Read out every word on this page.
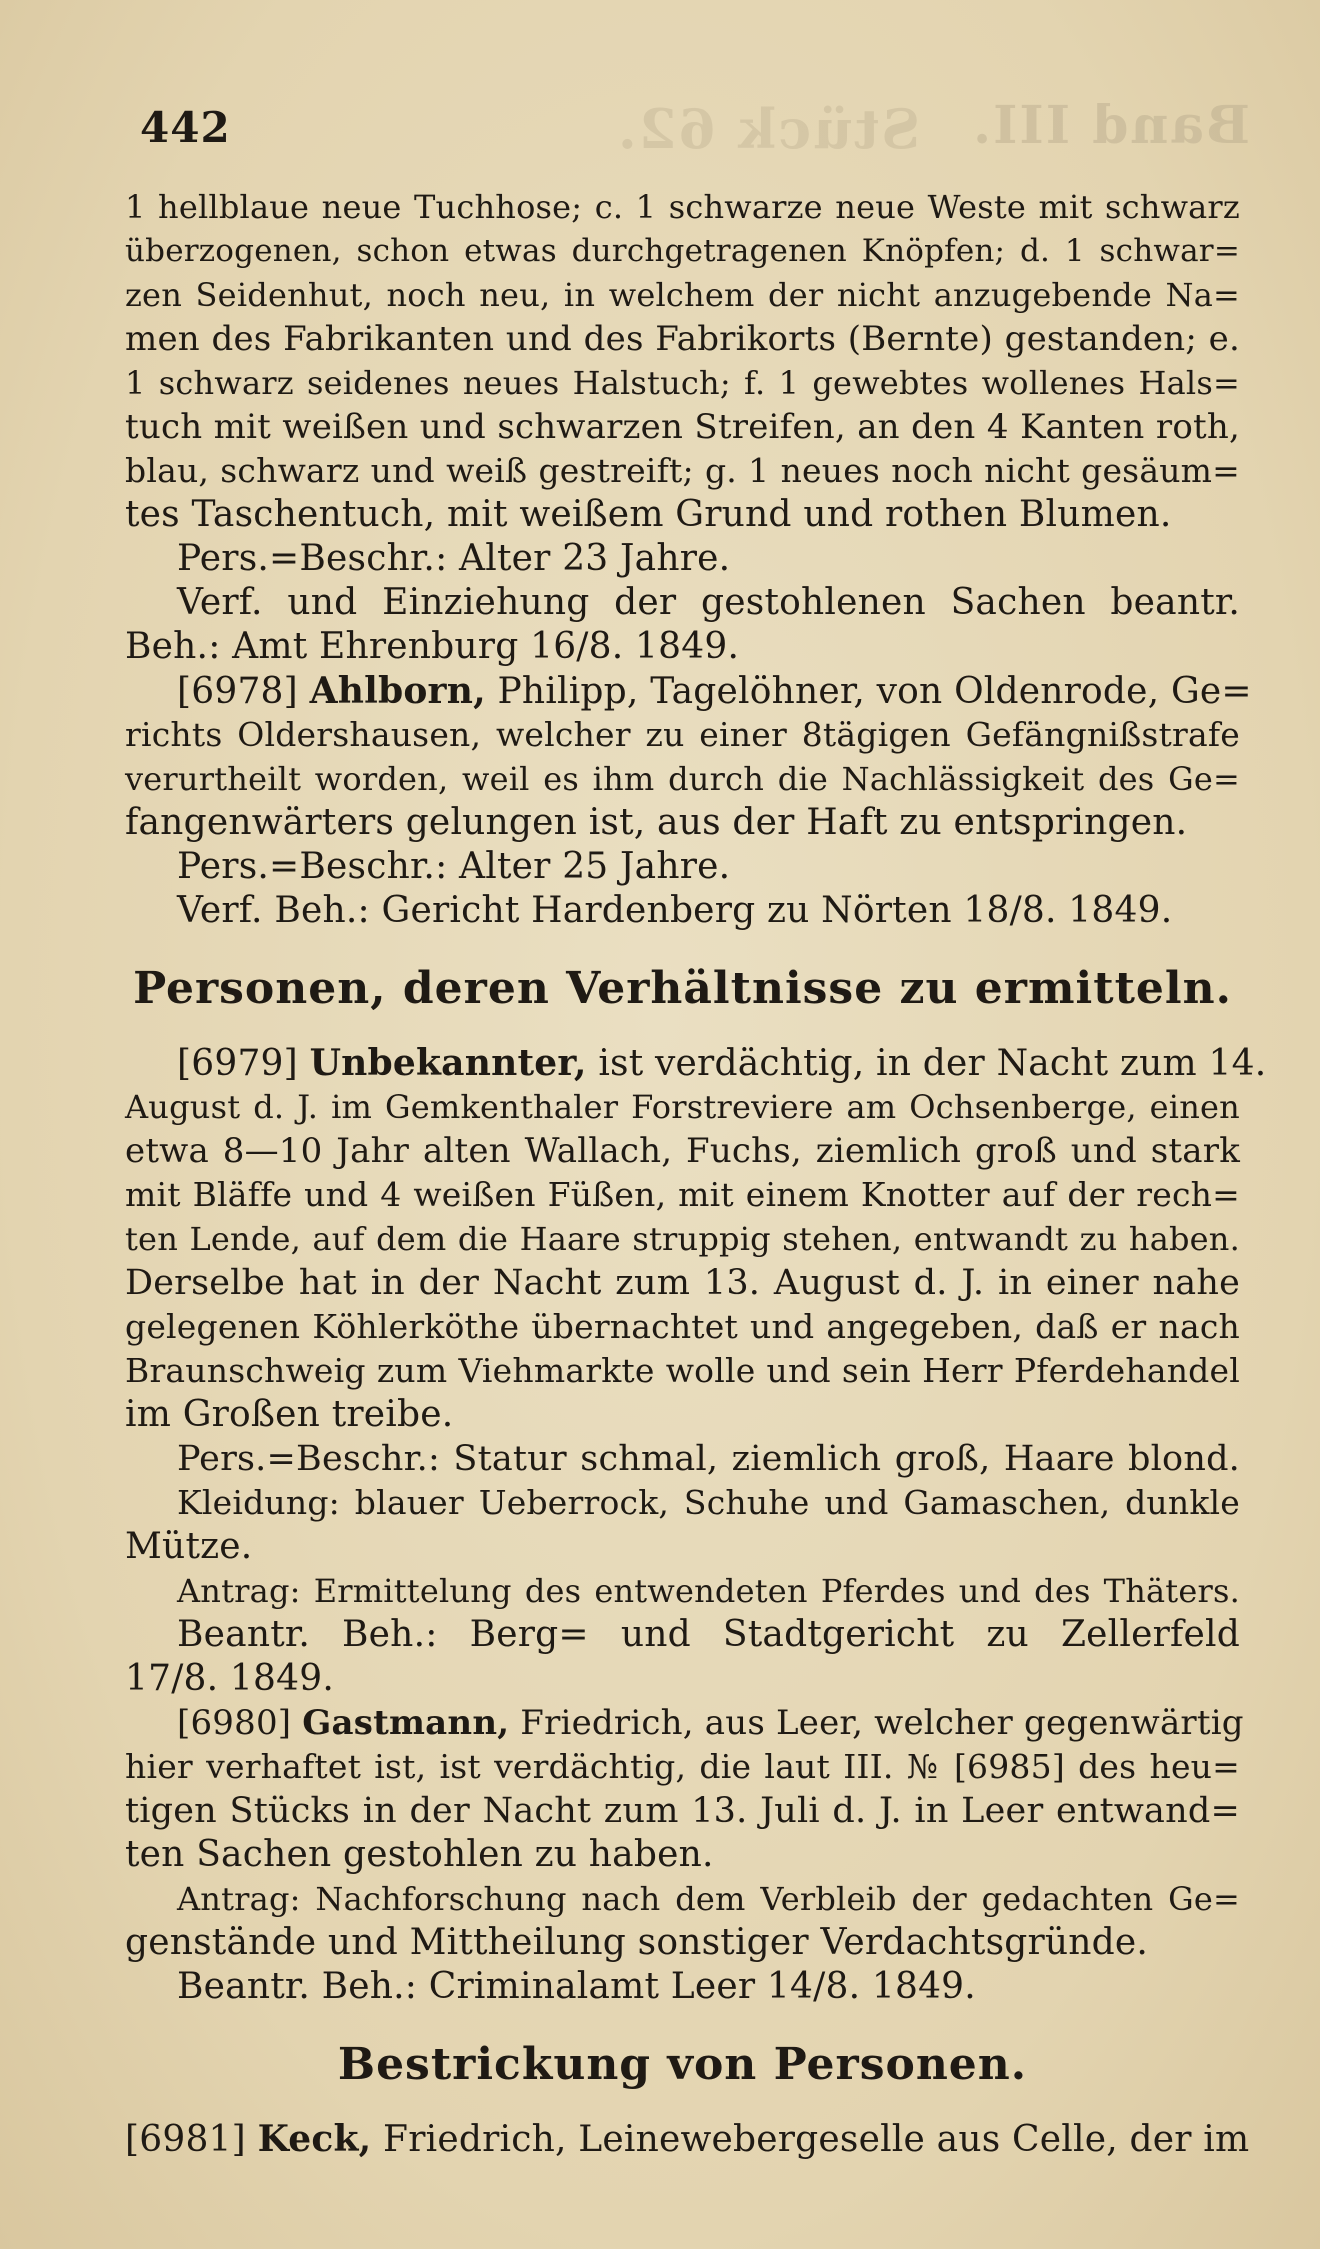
442	Stück 62. Band III.
1 hellblaue neue Tuchhose; c. 1 schwarze neue Weste mit schwarz
überzogenen, schon etwas durchgetragenen Knöpfen; d. 1 schwar=
zen Seidenhut, noch neu, in welchem der nicht anzugebende Na=
men des Fabrikanten und des Fabrikorts (Bernte) gestanden; e.
1 schwarz seidenes neues Halstuch; f. 1 gewebtes wollenes Hals=
tuch mit weißen und schwarzen Streifen, an den 4 Kanten roth,
blau, schwarz und weiß gestreift; g. 1 neues noch nicht gesäum=
tes Taschentuch, mit weißem Grund und rothen Blumen.
Pers.=Beschr.: Alter 23 Jahre.
Verf. und Einziehung der gestohlenen Sachen beantr.
Beh.: Amt Ehrenburg 16/8. 1849.
[6978] Ahlborn, Philipp, Tagelöhner, von Oldenrode, Ge=
richts Oldershausen, welcher zu einer 8tägigen Gefängnißstrafe
verurtheilt worden, weil es ihm durch die Nachlässigkeit des Ge=
fangenwärters gelungen ist, aus der Haft zu entspringen.
Pers.=Beschr.: Alter 25 Jahre.
Verf. Beh.: Gericht Hardenberg zu Nörten 18/8. 1849.
Personen, deren Verhältnisse zu ermitteln.
[6979] Unbekannter, ist verdächtig, in der Nacht zum 14.
August d. J. im Gemkenthaler Forstreviere am Ochsenberge, einen
etwa 8—10 Jahr alten Wallach, Fuchs, ziemlich groß und stark
mit Bläffe und 4 weißen Füßen, mit einem Knotter auf der rech=
ten Lende, auf dem die Haare struppig stehen, entwandt zu haben.
Derselbe hat in der Nacht zum 13. August d. J. in einer nahe
gelegenen Köhlerköthe übernachtet und angegeben, daß er nach
Braunschweig zum Viehmarkte wolle und sein Herr Pferdehandel
im Großen treibe.
Pers.=Beschr.: Statur schmal, ziemlich groß, Haare blond.
Kleidung: blauer Ueberrock, Schuhe und Gamaschen, dunkle
Mütze.
Antrag: Ermittelung des entwendeten Pferdes und des Thäters.
Beantr. Beh.: Berg= und Stadtgericht zu Zellerfeld
17/8. 1849.
[6980] Gastmann, Friedrich, aus Leer, welcher gegenwärtig
hier verhaftet ist, ist verdächtig, die laut III. № [6985] des heu=
tigen Stücks in der Nacht zum 13. Juli d. J. in Leer entwand=
ten Sachen gestohlen zu haben.
Antrag: Nachforschung nach dem Verbleib der gedachten Ge=
genstände und Mittheilung sonstiger Verdachtsgründe.
Beantr. Beh.: Criminalamt Leer 14/8. 1849.
Bestrickung von Personen.
[6981] Keck, Friedrich, Leinewebergeselle aus Celle, der im
